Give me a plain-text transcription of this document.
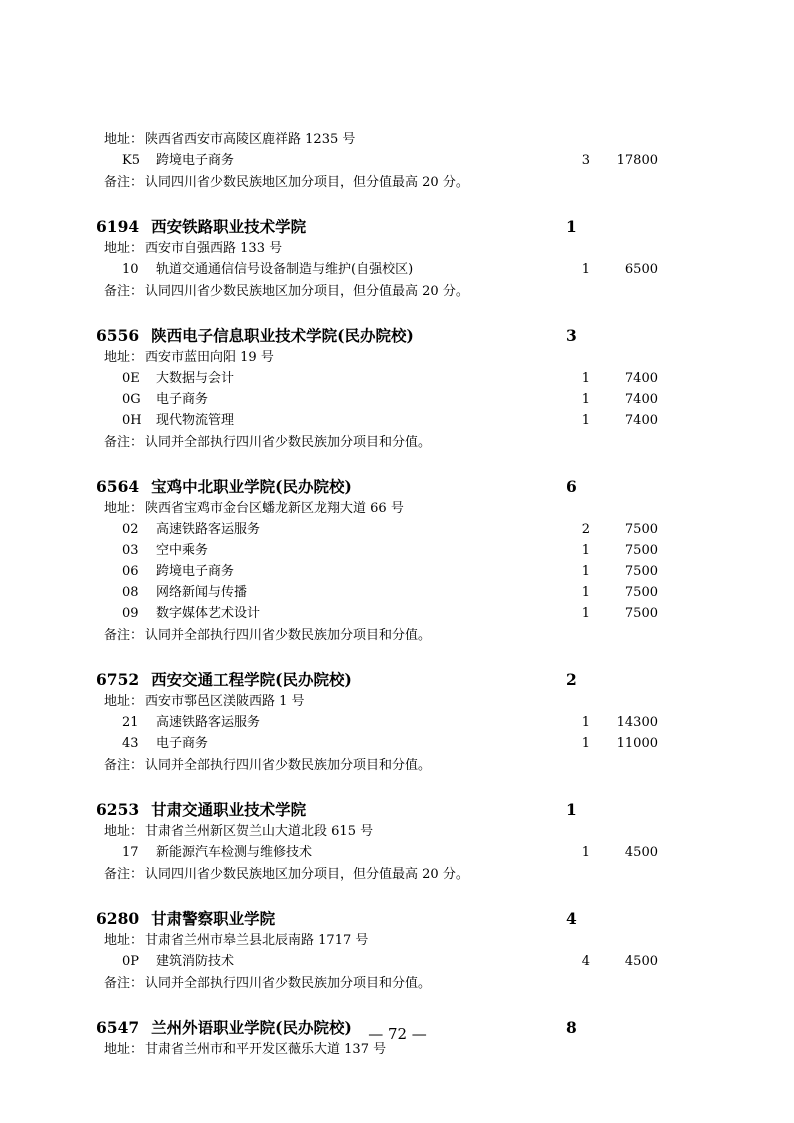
地址： 陕西省西安市高陵区鹿祥路 1235 号
K5 跨境电子商务	3	17800
备注： 认同四川省少数民族地区加分项目，但分值最高 20 分。
6194 西安铁路职业技术学院	1
地址： 西安市自强西路 133 号
10 轨道交通通信信号设备制造与维护(自强校区)	1	6500
备注： 认同四川省少数民族地区加分项目，但分值最高 20 分。
6556 陕西电子信息职业技术学院(民办院校)	3
地址： 西安市蓝田向阳 19 号
0E 大数据与会计	1	7400
0G 电子商务	1	7400
0H 现代物流管理	1	7400
备注： 认同并全部执行四川省少数民族加分项目和分值。
6564 宝鸡中北职业学院(民办院校)	6
地址： 陕西省宝鸡市金台区蟠龙新区龙翔大道 66 号
02 高速铁路客运服务	2	7500
03 空中乘务	1	7500
06 跨境电子商务	1	7500
08 网络新闻与传播	1	7500
09 数字媒体艺术设计	1	7500
备注： 认同并全部执行四川省少数民族加分项目和分值。
6752 西安交通工程学院(民办院校)	2
地址： 西安市鄠邑区渼陂西路 1 号
21 高速铁路客运服务	1	14300
43 电子商务	1	11000
备注： 认同并全部执行四川省少数民族加分项目和分值。
6253 甘肃交通职业技术学院	1
地址： 甘肃省兰州新区贺兰山大道北段 615 号
17 新能源汽车检测与维修技术	1	4500
备注： 认同四川省少数民族地区加分项目，但分值最高 20 分。
6280 甘肃警察职业学院	4
地址： 甘肃省兰州市皋兰县北辰南路 1717 号
0P 建筑消防技术	4	4500
备注： 认同并全部执行四川省少数民族加分项目和分值。
6547 兰州外语职业学院(民办院校)	8
地址： 甘肃省兰州市和平开发区薇乐大道 137 号
— 72 —
